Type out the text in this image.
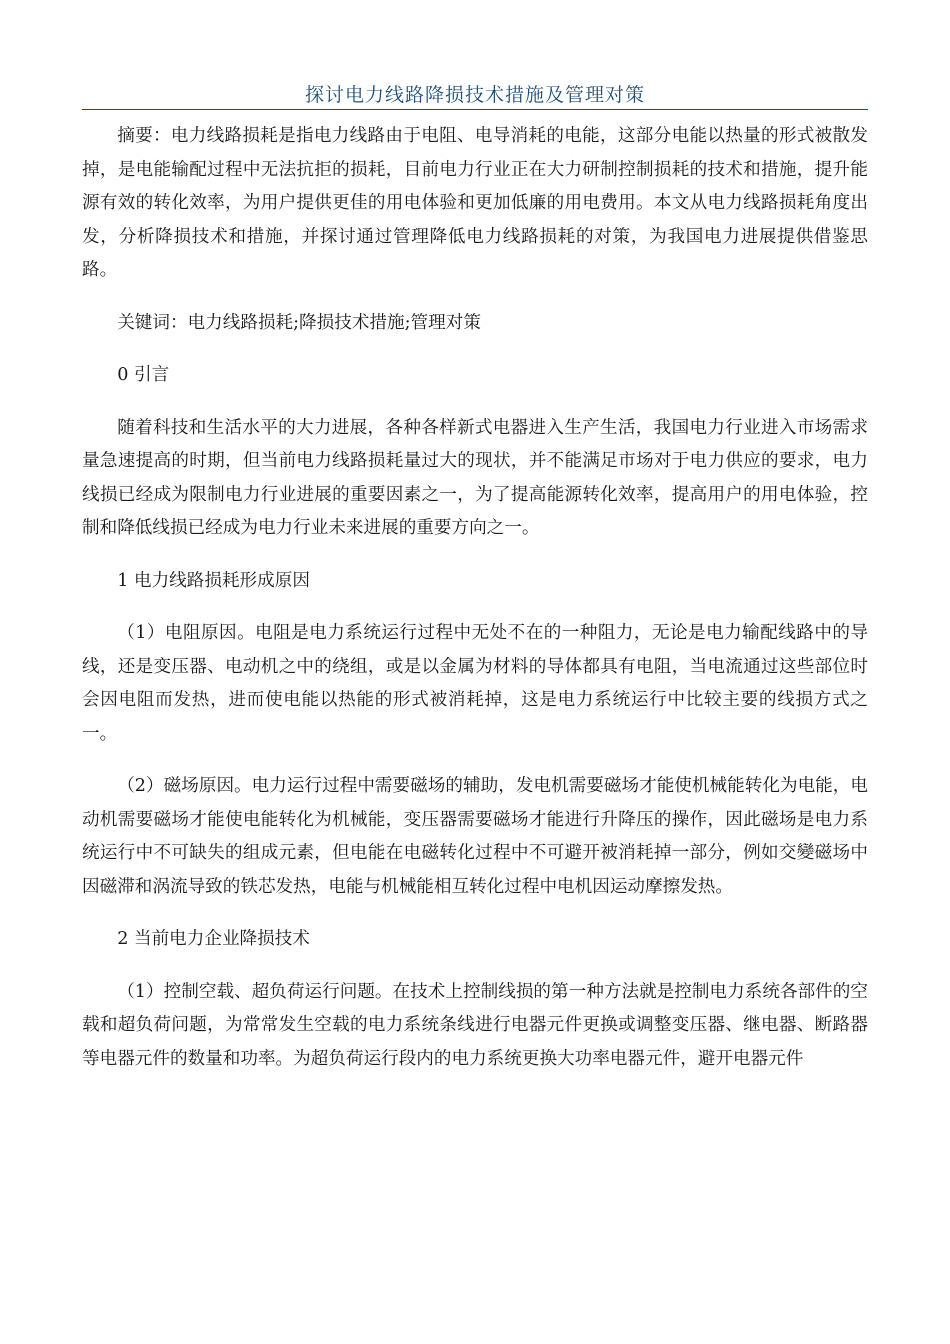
探讨电力线路降损技术措施及管理对策

摘要：电力线路损耗是指电力线路由于电阻、电导消耗的电能，这部分电能以热量的形式被散发掉，是电能输配过程中无法抗拒的损耗，目前电力行业正在大力研制控制损耗的技术和措施，提升能源有效的转化效率，为用户提供更佳的用电体验和更加低廉的用电费用。本文从电力线路损耗角度出发，分析降损技术和措施，并探讨通过管理降低电力线路损耗的对策，为我国电力进展提供借鉴思路。

关键词：电力线路损耗;降损技术措施;管理对策

0 引言

随着科技和生活水平的大力进展，各种各样新式电器进入生产生活，我国电力行业进入市场需求量急速提高的时期，但当前电力线路损耗量过大的现状，并不能满足市场对于电力供应的要求，电力线损已经成为限制电力行业进展的重要因素之一，为了提高能源转化效率，提高用户的用电体验，控制和降低线损已经成为电力行业未来进展的重要方向之一。

1 电力线路损耗形成原因

（1）电阻原因。电阻是电力系统运行过程中无处不在的一种阻力，无论是电力输配线路中的导线，还是变压器、电动机之中的绕组，或是以金属为材料的导体都具有电阻，当电流通过这些部位时会因电阻而发热，进而使电能以热能的形式被消耗掉，这是电力系统运行中比较主要的线损方式之一。

（2）磁场原因。电力运行过程中需要磁场的辅助，发电机需要磁场才能使机械能转化为电能，电动机需要磁场才能使电能转化为机械能，变压器需要磁场才能进行升降压的操作，因此磁场是电力系统运行中不可缺失的组成元素，但电能在电磁转化过程中不可避开被消耗掉一部分，例如交變磁场中因磁滞和涡流导致的铁芯发热，电能与机械能相互转化过程中电机因运动摩擦发热。

2 当前电力企业降损技术

（1）控制空载、超负荷运行问题。在技术上控制线损的第一种方法就是控制电力系统各部件的空载和超负荷问题，为常常发生空载的电力系统条线进行电器元件更换或调整变压器、继电器、断路器等电器元件的数量和功率。为超负荷运行段内的电力系统更换大功率电器元件，避开电器元件
